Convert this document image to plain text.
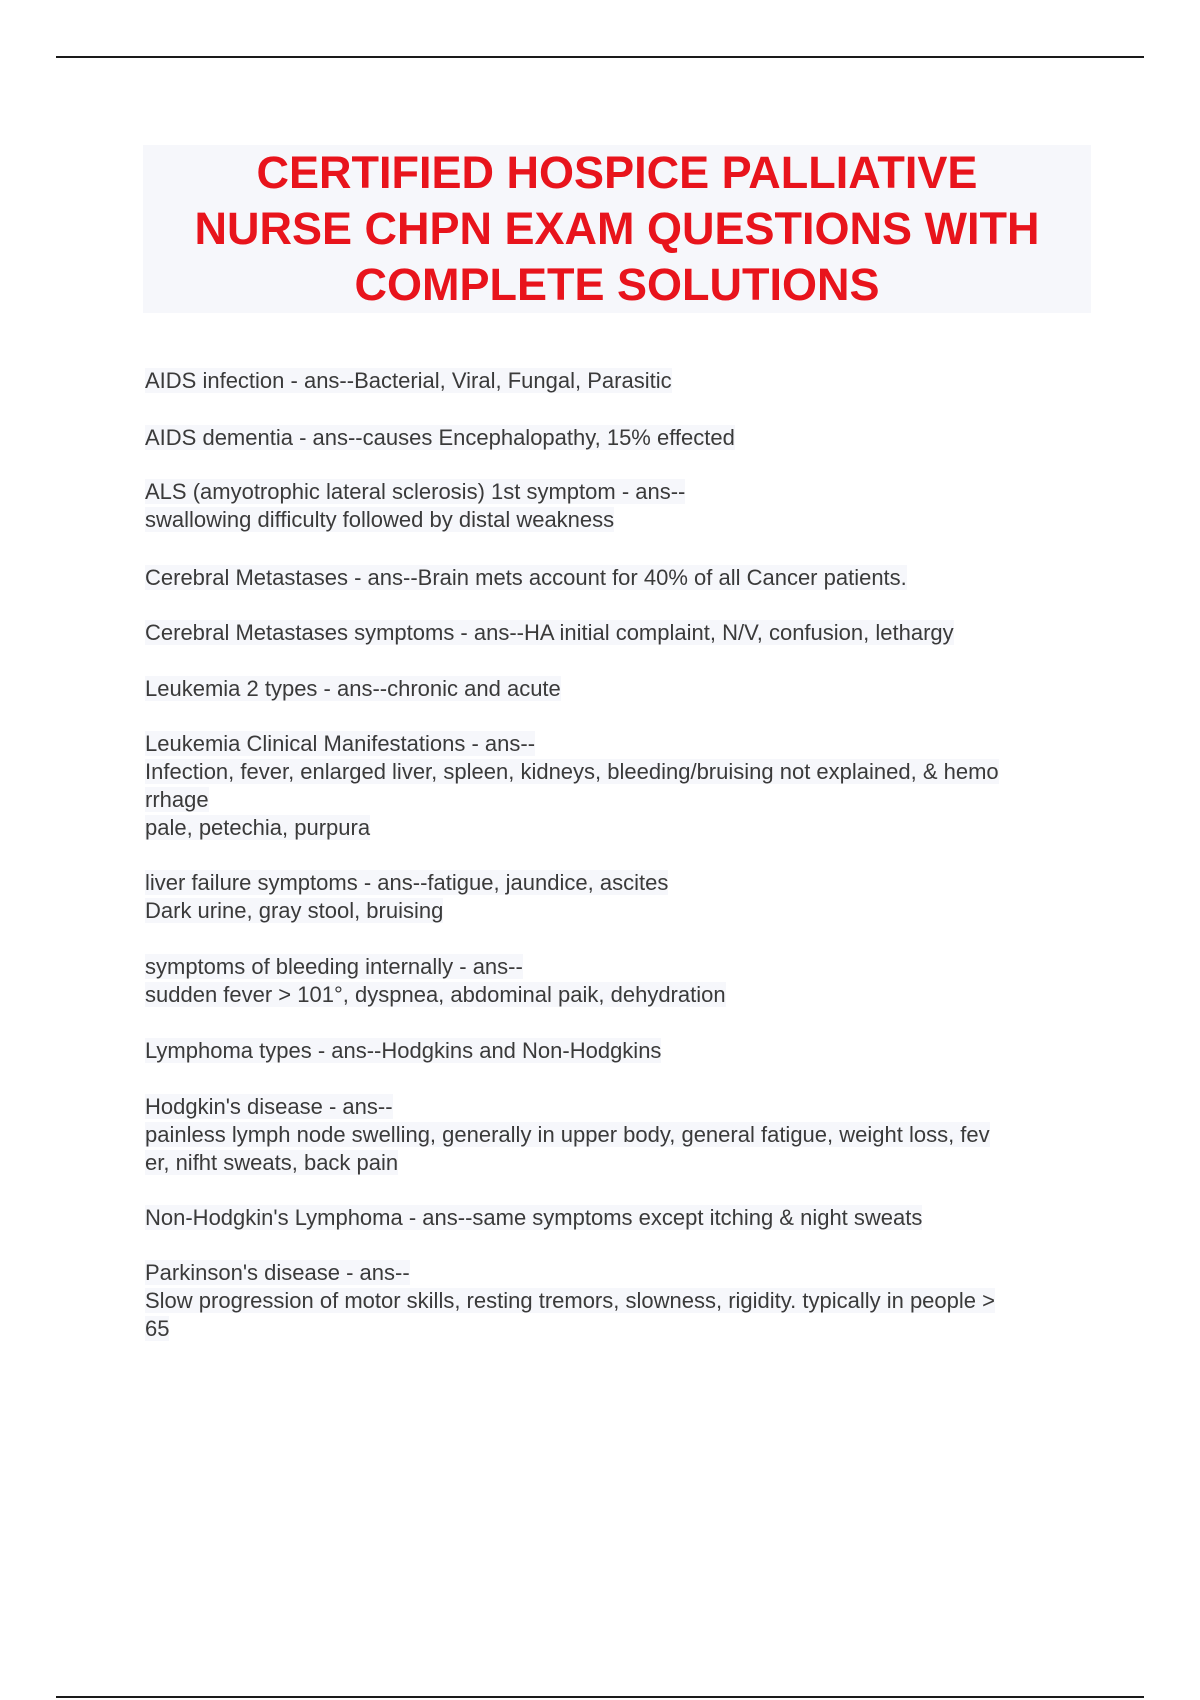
CERTIFIED HOSPICE PALLIATIVE
NURSE CHPN EXAM QUESTIONS WITH
COMPLETE SOLUTIONS
AIDS infection - ans--Bacterial, Viral, Fungal, Parasitic
AIDS dementia - ans--causes Encephalopathy, 15% effected
ALS (amyotrophic lateral sclerosis) 1st symptom - ans--
swallowing difficulty followed by distal weakness
Cerebral Metastases - ans--Brain mets account for 40% of all Cancer patients.
Cerebral Metastases symptoms - ans--HA initial complaint, N/V, confusion, lethargy
Leukemia 2 types - ans--chronic and acute
Leukemia Clinical Manifestations - ans--
Infection, fever, enlarged liver, spleen, kidneys, bleeding/bruising not explained, & hemo
rrhage
pale, petechia, purpura
liver failure symptoms - ans--fatigue, jaundice, ascites
Dark urine, gray stool, bruising
symptoms of bleeding internally - ans--
sudden fever > 101°, dyspnea, abdominal paik, dehydration
Lymphoma types - ans--Hodgkins and Non-Hodgkins
Hodgkin's disease - ans--
painless lymph node swelling, generally in upper body, general fatigue, weight loss, fev
er, nifht sweats, back pain
Non-Hodgkin's Lymphoma - ans--same symptoms except itching & night sweats
Parkinson's disease - ans--
Slow progression of motor skills, resting tremors, slowness, rigidity. typically in people >
65
